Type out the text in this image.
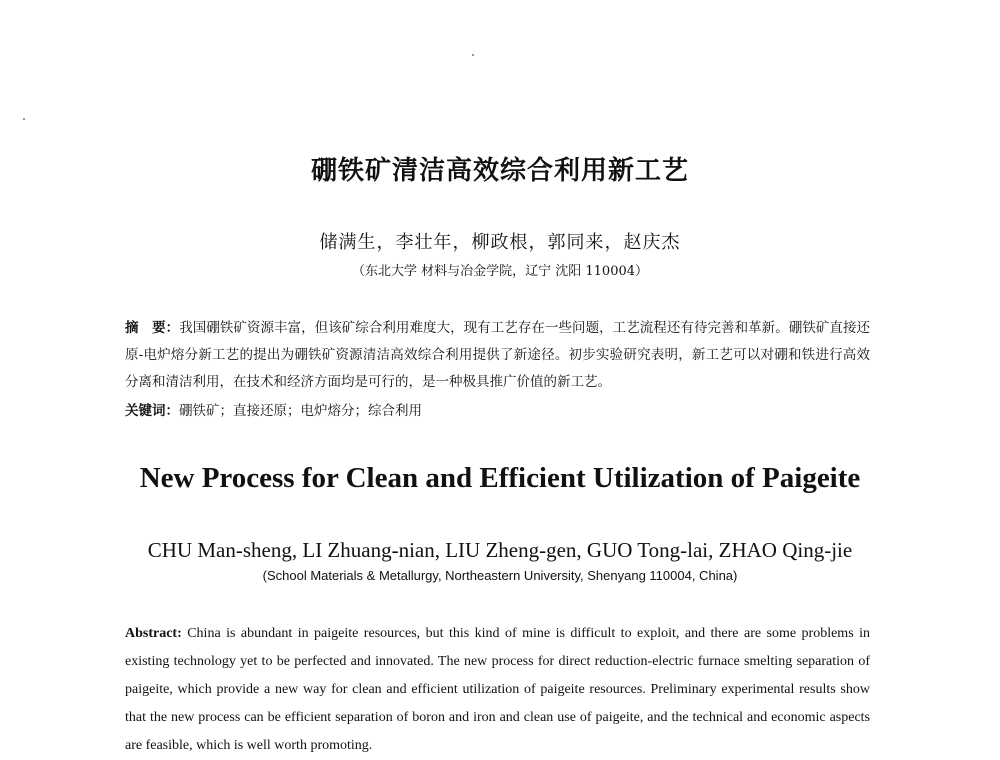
硼铁矿清洁高效综合利用新工艺
储满生，李壮年，柳政根，郭同来，赵庆杰
（东北大学 材料与冶金学院，辽宁 沈阳 110004）
摘　要：我国硼铁矿资源丰富，但该矿综合利用难度大，现有工艺存在一些问题，工艺流程还有待完善和革新。硼铁矿直接还原-电炉熔分新工艺的提出为硼铁矿资源清洁高效综合利用提供了新途径。初步实验研究表明，新工艺可以对硼和铁进行高效分离和清洁利用，在技术和经济方面均是可行的，是一种极具推广价值的新工艺。
关键词：硼铁矿；直接还原；电炉熔分；综合利用
New Process for Clean and Efficient Utilization of Paigeite
CHU Man-sheng, LI Zhuang-nian, LIU Zheng-gen, GUO Tong-lai, ZHAO Qing-jie
(School Materials & Metallurgy, Northeastern University, Shenyang 110004, China)
Abstract: China is abundant in paigeite resources, but this kind of mine is difficult to exploit, and there are some problems in existing technology yet to be perfected and innovated. The new process for direct reduction-electric furnace smelting separation of paigeite, which provide a new way for clean and efficient utilization of paigeite resources. Preliminary experimental results show that the new process can be efficient separation of boron and iron and clean use of paigeite, and the technical and economic aspects are feasible, which is well worth promoting.
